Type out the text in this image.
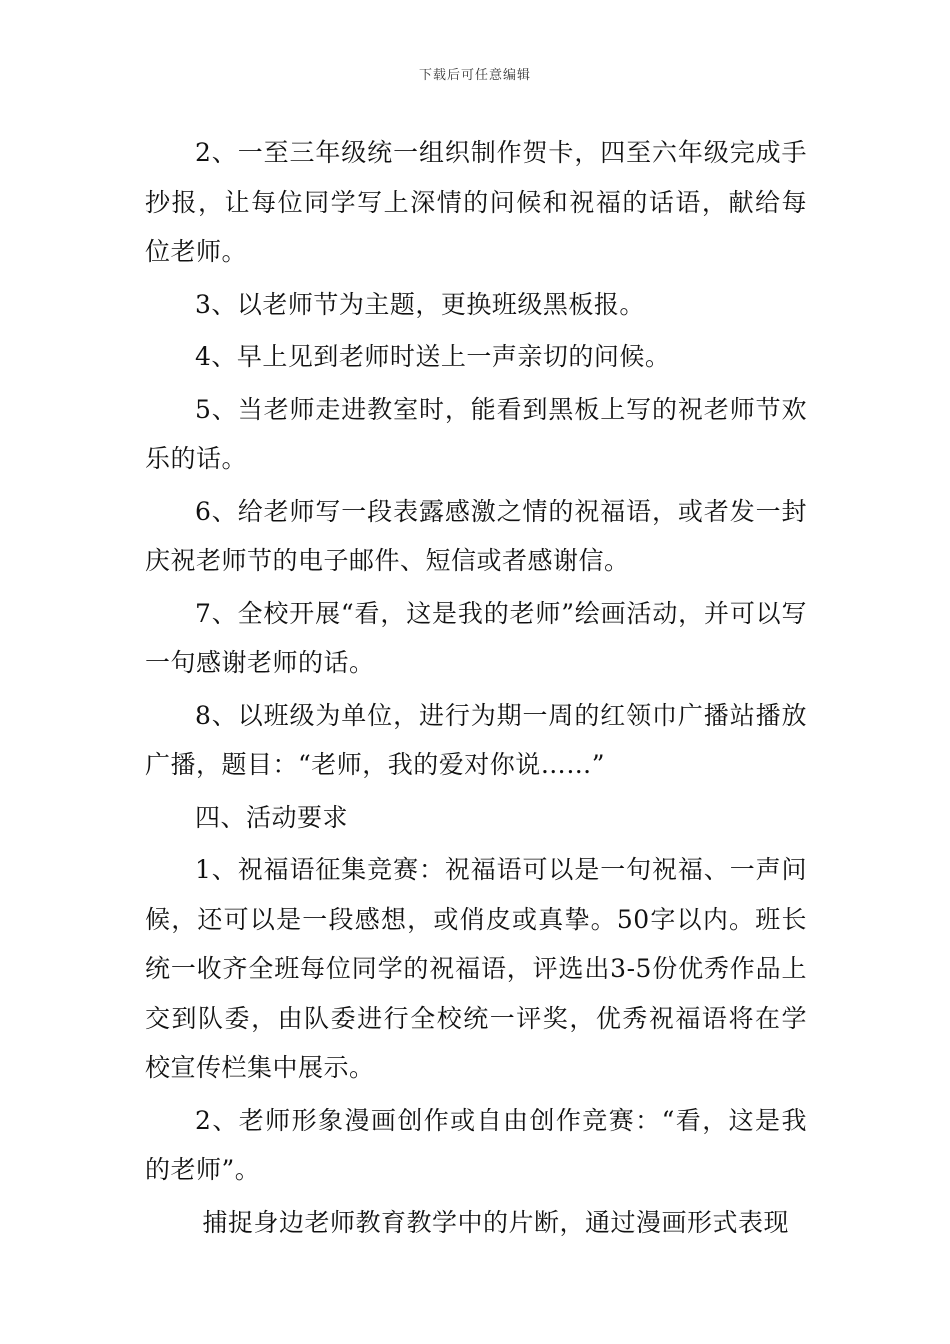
下载后可任意编辑

2、一至三年级统一组织制作贺卡，四至六年级完成手抄报，让每位同学写上深情的问候和祝福的话语，献给每位老师。

3、以老师节为主题，更换班级黑板报。

4、早上见到老师时送上一声亲切的问候。

5、当老师走进教室时，能看到黑板上写的祝老师节欢乐的话。

6、给老师写一段表露感激之情的祝福语，或者发一封庆祝老师节的电子邮件、短信或者感谢信。

7、全校开展“看，这是我的老师”绘画活动，并可以写一句感谢老师的话。

8、以班级为单位，进行为期一周的红领巾广播站播放广播，题目：“老师，我的爱对你说……”

四、活动要求

1、祝福语征集竞赛：祝福语可以是一句祝福、一声问候，还可以是一段感想，或俏皮或真挚。50字以内。班长统一收齐全班每位同学的祝福语，评选出3-5份优秀作品上交到队委，由队委进行全校统一评奖，优秀祝福语将在学校宣传栏集中展示。

2、老师形象漫画创作或自由创作竞赛：“看，这是我的老师”。

捕捉身边老师教育教学中的片断，通过漫画形式表现
